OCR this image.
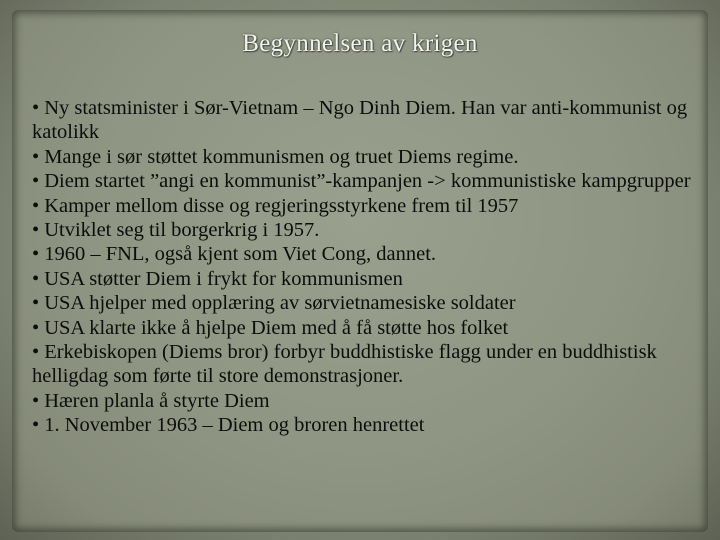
Begynnelsen av krigen
• Ny statsminister i Sør-Vietnam – Ngo Dinh Diem. Han var anti-kommunist og katolikk
• Mange i sør støttet kommunismen og truet Diems regime.
• Diem startet ”angi en kommunist”-kampanjen -> kommunistiske kampgrupper
• Kamper mellom disse og regjeringsstyrkene frem til 1957
• Utviklet seg til borgerkrig i 1957.
• 1960 – FNL, også kjent som Viet Cong, dannet.
• USA støtter Diem i frykt for kommunismen
• USA hjelper med opplæring av sørvietnamesiske soldater
• USA klarte ikke å hjelpe Diem med å få støtte hos folket
• Erkebiskopen (Diems bror) forbyr buddhistiske flagg under en buddhistisk helligdag som førte til store demonstrasjoner.
• Hæren planla å styrte Diem
• 1. November 1963 – Diem og broren henrettet
